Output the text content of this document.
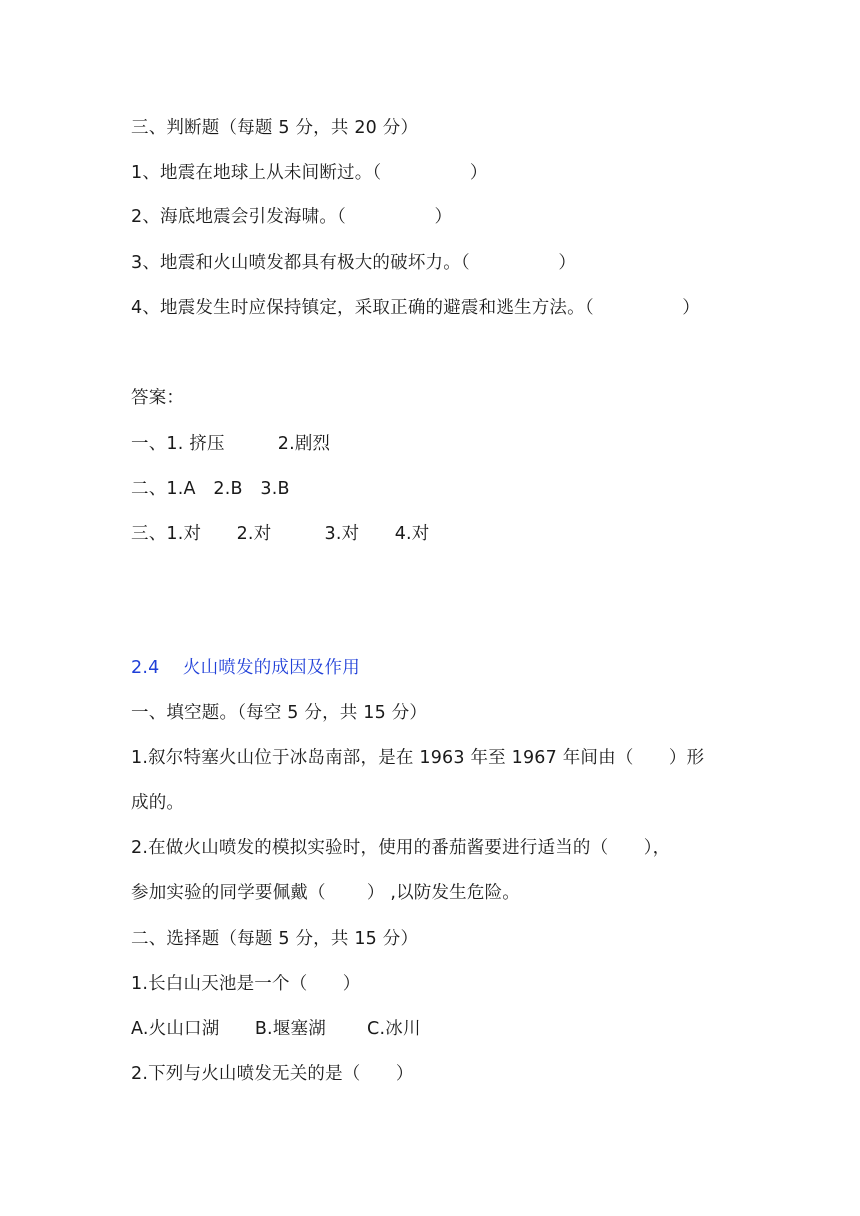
三、判断题（每题 5 分，共 20 分）
1、地震在地球上从未间断过。（　　　　　）
2、海底地震会引发海啸。（　　　　　）
3、地震和火山喷发都具有极大的破坏力。（　　　　　）
4、地震发生时应保持镇定，采取正确的避震和逃生方法。（　　　　　）
答案：
一、1. 挤压　　　2.剧烈
二、1.A　2.B　3.B
三、1.对　　2.对　　　3.对　　4.对
2.4　 火山喷发的成因及作用
一、填空题。（每空 5 分，共 15 分）
1.叙尔特塞火山位于冰岛南部，是在 1963 年至 1967 年间由（　　）形
成的。
2.在做火山喷发的模拟实验时，使用的番茄酱要进行适当的（　　），
参加实验的同学要佩戴（　　 ） ,以防发生危险。
二、选择题（每题 5 分，共 15 分）
1.长白山天池是一个（　　）
A.火山口湖　　B.堰塞湖　　 C.冰川
2.下列与火山喷发无关的是（　　）
